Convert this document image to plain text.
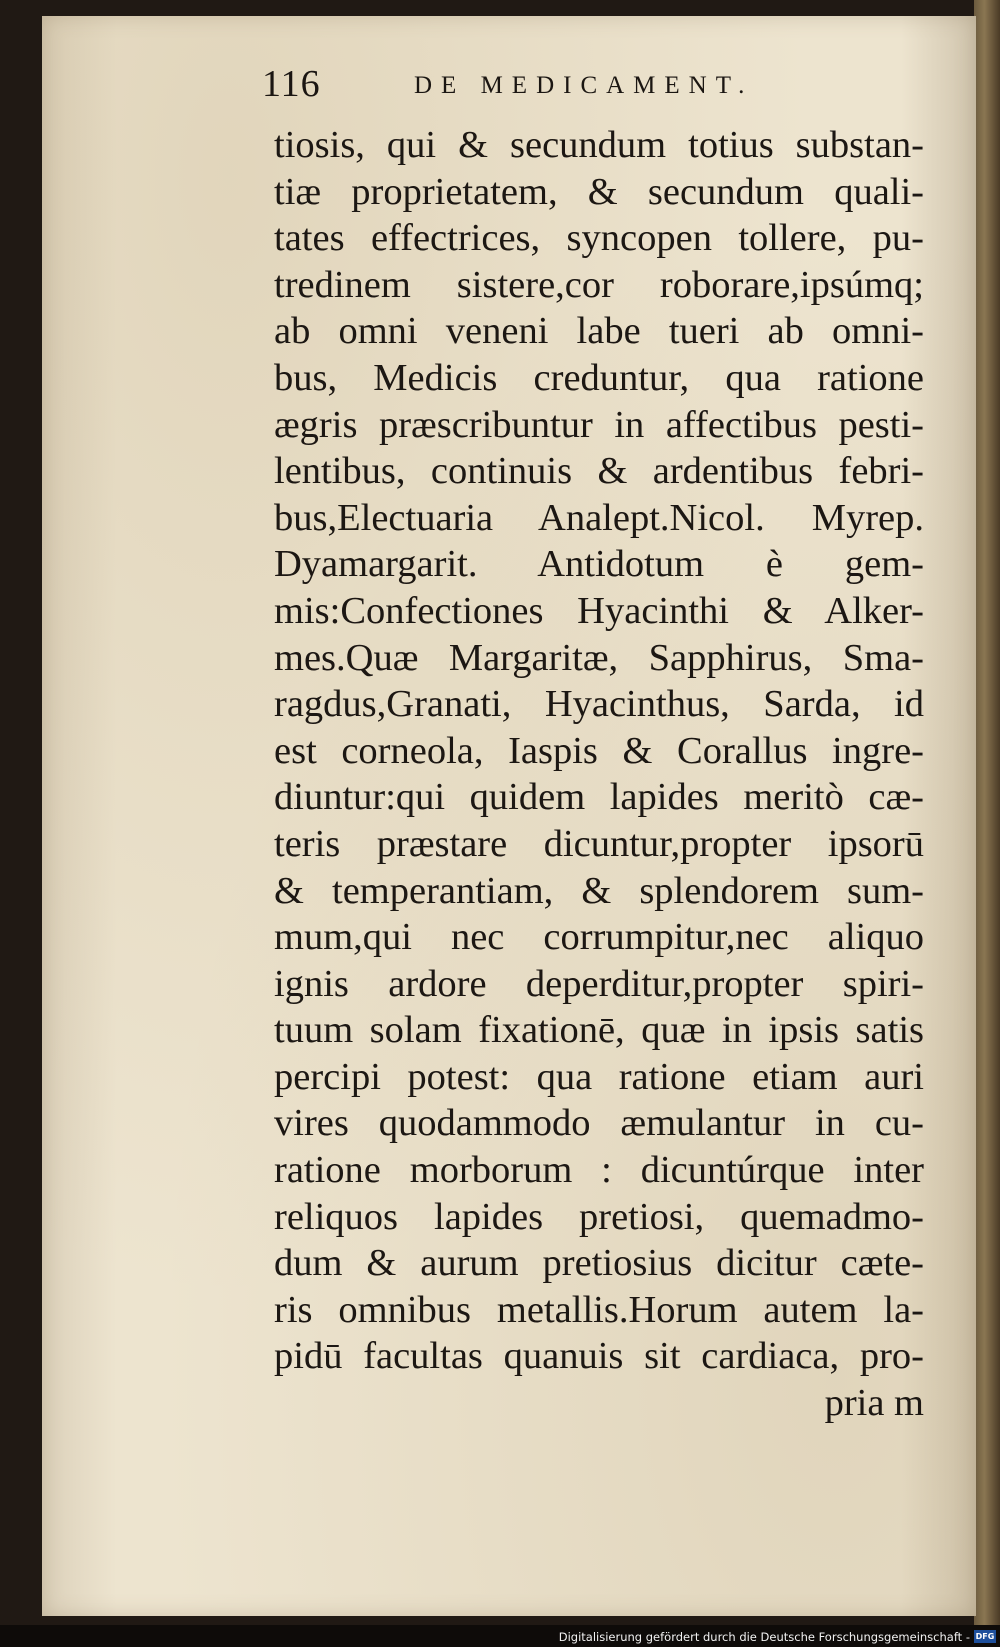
116	DE MEDICAMENT.
tiosis, qui & secundum totius substan-
tiæ proprietatem, & secundum quali-
tates effectrices, syncopen tollere, pu-
tredinem sistere,cor roborare,ipsúmq;
ab omni veneni labe tueri ab omni-
bus, Medicis creduntur, qua ratione
ægris præscribuntur in affectibus pesti-
lentibus, continuis & ardentibus febri-
bus,Electuaria Analept.Nicol. Myrep.
Dyamargarit. Antidotum è gem-
mis:Confectiones Hyacinthi & Alker-
mes.Quæ Margaritæ, Sapphirus, Sma-
ragdus,Granati, Hyacinthus, Sarda, id
est corneola, Iaspis & Corallus ingre-
diuntur:qui quidem lapides meritò cæ-
teris præstare dicuntur,propter ipsorū
& temperantiam, & splendorem sum-
mum,qui nec corrumpitur,nec aliquo
ignis ardore deperditur,propter spiri-
tuum solam fixationē, quæ in ipsis satis
percipi potest: qua ratione etiam auri
vires quodammodo æmulantur in cu-
ratione morborum : dicuntúrque inter
reliquos lapides pretiosi, quemadmo-
dum & aurum pretiosius dicitur cæte-
ris omnibus metallis.Horum autem la-
pidū facultas quanuis sit cardiaca, pro-
pria m
Digitalisierung gefördert durch die Deutsche Forschungsgemeinschaft - DFG
